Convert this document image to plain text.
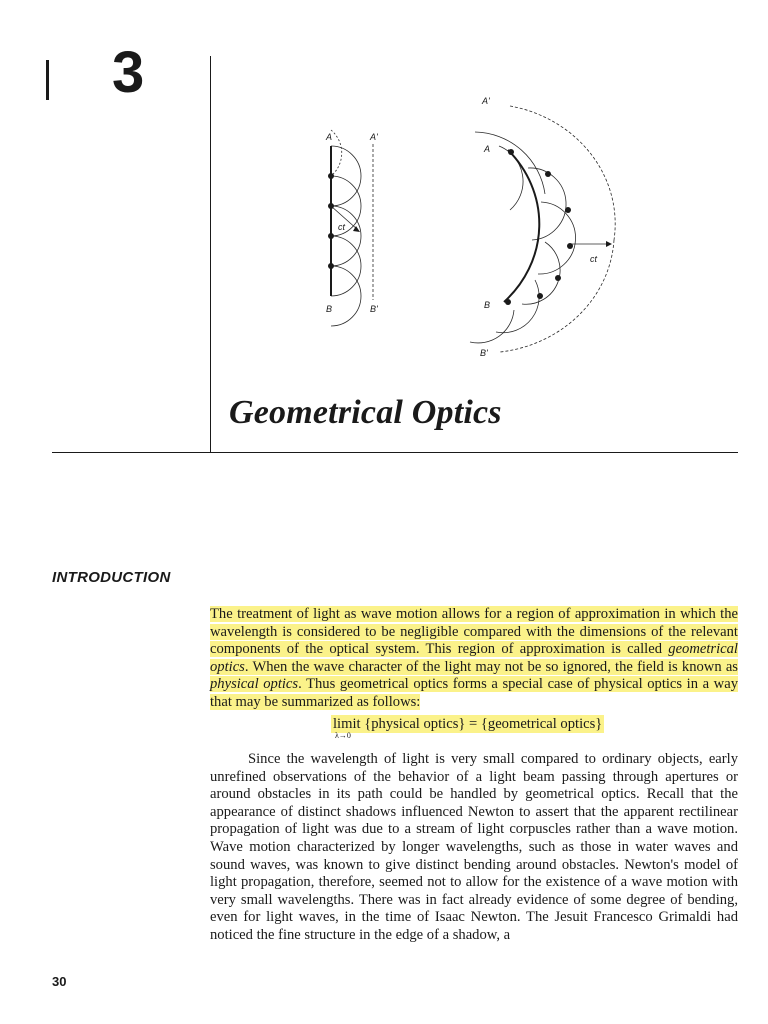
3
A	A'
B	B'
ct
A
A'
B
B'
ct
Geometrical Optics
INTRODUCTION

The treatment of light as wave motion allows for a region of approximation in which the wavelength is considered to be negligible compared with the dimensions of the relevant components of the optical system. This region of approximation is called geometrical optics. When the wave character of the light may not be so ignored, the field is known as physical optics. Thus geometrical optics forms a special case of physical optics in a way that may be summarized as follows:

limit
λ→0
{physical optics} = {geometrical optics}

Since the wavelength of light is very small compared to ordinary objects, early unrefined observations of the behavior of a light beam passing through apertures or around obstacles in its path could be handled by geometrical optics. Recall that the appearance of distinct shadows influenced Newton to assert that the apparent rectilinear propagation of light was due to a stream of light corpuscles rather than a wave motion. Wave motion characterized by longer wavelengths, such as those in water waves and sound waves, was known to give distinct bending around obstacles. Newton's model of light propagation, therefore, seemed not to allow for the existence of a wave motion with very small wavelengths. There was in fact already evidence of some degree of bending, even for light waves, in the time of Isaac Newton. The Jesuit Francesco Grimaldi had noticed the fine structure in the edge of a shadow, a

30
